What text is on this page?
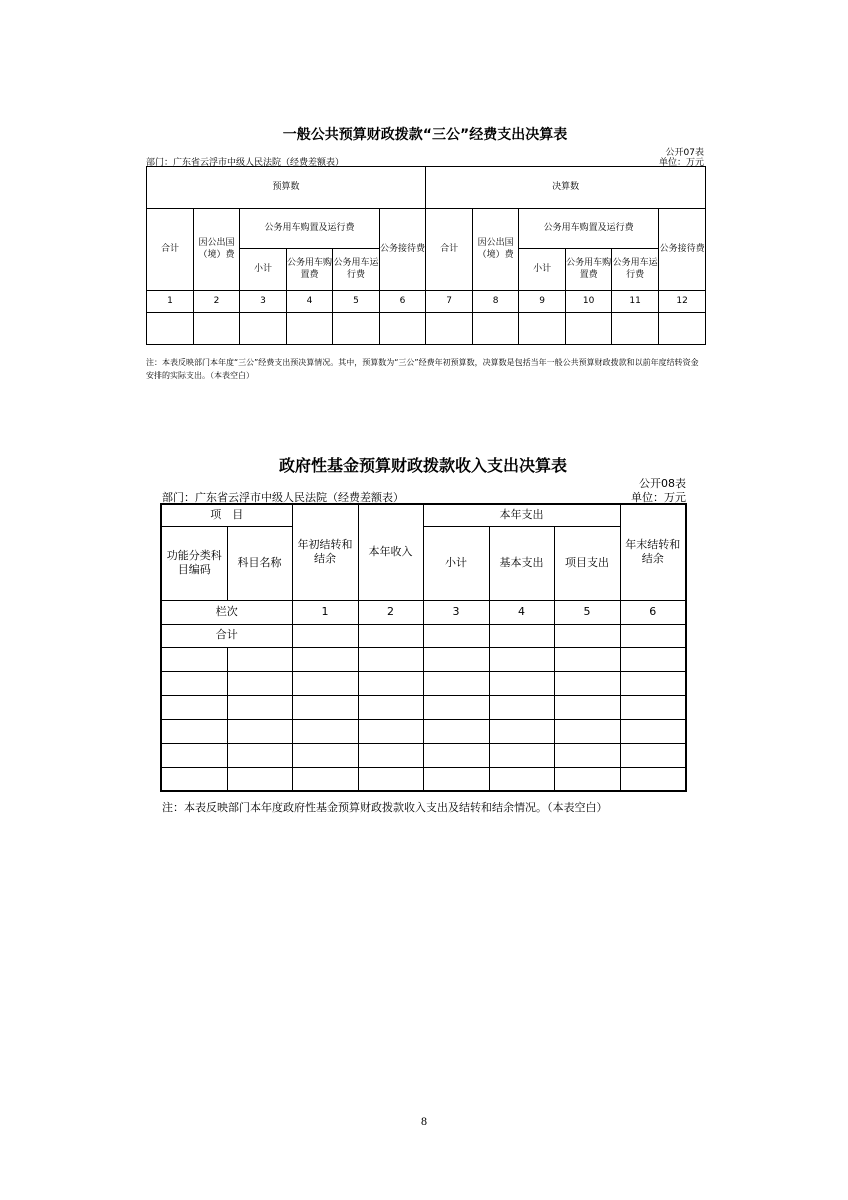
一般公共预算财政拨款“三公”经费支出决算表
公开07表
部门：广东省云浮市中级人民法院（经费差额表）	单位：万元
预算数						决算数					
合计	因公出国（境）费	公务用车购置及运行费			公务接待费	合计	因公出国（境）费	公务用车购置及运行费			公务接待费
		小计	公务用车购置费	公务用车运行费				小计	公务用车购置费	公务用车运行费	
1	2	3	4	5	6	7	8	9	10	11	12

注：本表反映部门本年度“三公”经费支出预决算情况。其中，预算数为“三公”经费年初预算数，决算数是包括当年一般公共预算财政拨款和以前年度结转资金安排的实际支出。（本表空白）
政府性基金预算财政拨款收入支出决算表
公开08表
部门：广东省云浮市中级人民法院（经费差额表）	单位：万元
项　目		年初结转和结余	本年收入	本年支出			年末结转和结余
功能分类科目编码	科目名称			小计	基本支出	项目支出	
栏次		1	2	3	4	5	6
合计							

注：本表反映部门本年度政府性基金预算财政拨款收入支出及结转和结余情况。（本表空白）
8
